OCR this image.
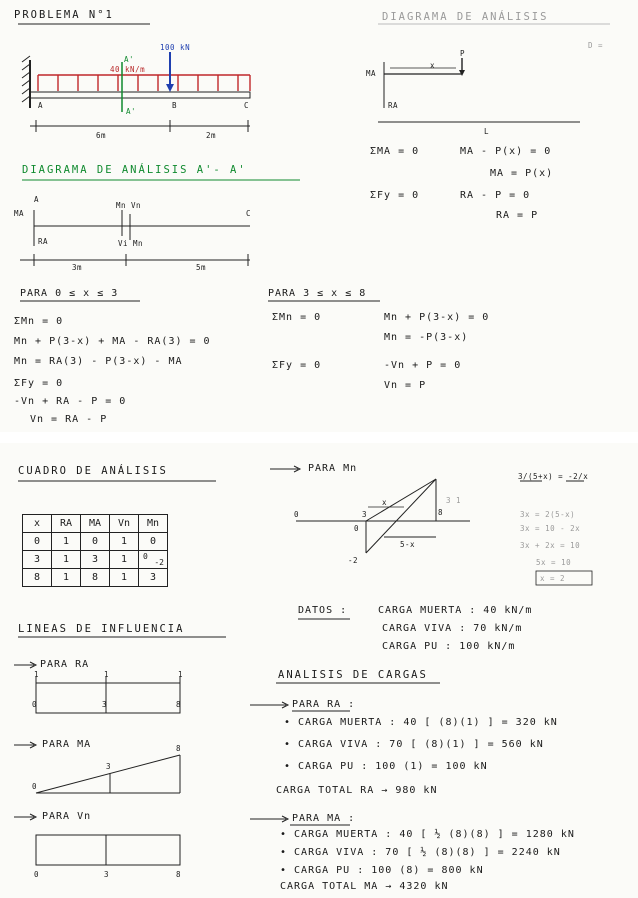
PROBLEMA N°1	DIAGRAMA DE ANÁLISIS
A'
40 kN/m
100 kN
A'
A	B	C
6m	2m
P
D =
MA
x
RA
L
ΣMA = 0	MA - P(x) = 0
MA = P(x)
ΣFy = 0	RA - P = 0
RA = P
DIAGRAMA DE ANÁLISIS A'- A'
A
MA
Mn Vn
C
RA	Vi Mn
3m	5m
PARA 0 ≤ x ≤ 3
ΣMn = 0
Mn + P(3-x) + MA - RA(3) = 0
Mn = RA(3) - P(3-x) - MA
ΣFy = 0
-Vn + RA - P = 0
Vn = RA - P
PARA 3 ≤ x ≤ 8
ΣMn = 0	Mn + P(3-x) = 0
Mn = -P(3-x)
ΣFy = 0	-Vn + P = 0
Vn = P
CUADRO DE ANÁLISIS
x	RA	MA	Vn	Mn
0	1	0	1	0
3	1	3	1	0
-2

8	1	8	1	3
PARA Mn
0
0
3	8
x
-2
5-x
3 1
3/(5+x) = -2/x
3x = 2(5-x)
3x = 10 - 2x
3x + 2x = 10
5x = 10
x = 2
DATOS :	CARGA MUERTA : 40 kN/m
CARGA VIVA : 70 kN/m
CARGA PU : 100 kN/m
LINEAS DE INFLUENCIA
PARA RA
1	1	1
0	3	8
PARA MA	8
3
0
PARA Vn
0	3	8
ANALISIS DE CARGAS
PARA RA :
• CARGA MUERTA : 40 [ (8)(1) ] = 320 kN
• CARGA VIVA : 70 [ (8)(1) ] = 560 kN
• CARGA PU : 100 (1) = 100 kN
CARGA TOTAL RA → 980 kN
PARA MA :
• CARGA MUERTA : 40 [ ½ (8)(8) ] = 1280 kN
• CARGA VIVA : 70 [ ½ (8)(8) ] = 2240 kN
• CARGA PU : 100 (8) = 800 kN
CARGA TOTAL MA → 4320 kN
